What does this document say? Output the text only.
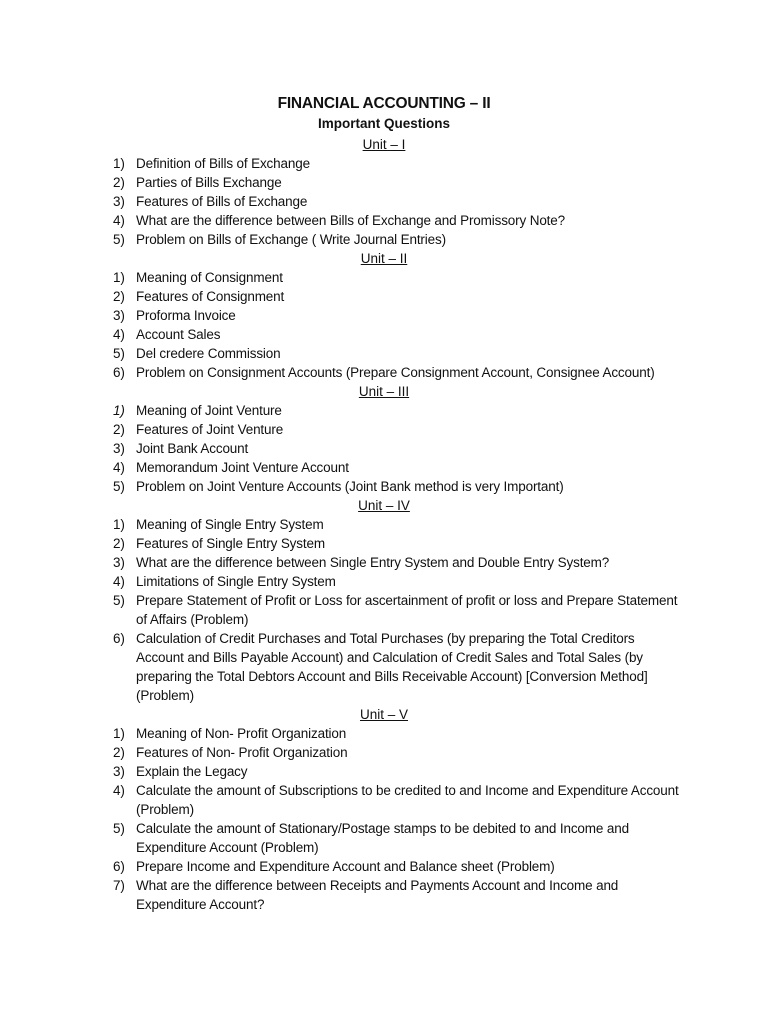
FINANCIAL ACCOUNTING – II
Important Questions
Unit – I
1) Definition of Bills of Exchange
2) Parties of Bills Exchange
3) Features of Bills of Exchange
4) What are the difference between Bills of Exchange and Promissory Note?
5) Problem on Bills of Exchange ( Write Journal Entries)
Unit – II
1) Meaning of Consignment
2) Features of Consignment
3) Proforma Invoice
4) Account Sales
5) Del credere Commission
6) Problem on Consignment Accounts (Prepare Consignment Account, Consignee Account)
Unit – III
1) Meaning of Joint Venture
2) Features of Joint Venture
3) Joint Bank Account
4) Memorandum Joint Venture Account
5) Problem on Joint Venture Accounts (Joint Bank method is very Important)
Unit – IV
1) Meaning of Single Entry System
2) Features of Single Entry System
3) What are the difference between Single Entry System and Double Entry System?
4) Limitations of Single Entry System
5) Prepare Statement of Profit or Loss for ascertainment of profit or loss and Prepare Statement of Affairs (Problem)
6) Calculation of Credit Purchases and Total Purchases (by preparing the Total Creditors Account and Bills Payable Account) and Calculation of Credit Sales and Total Sales (by preparing the Total Debtors Account and Bills Receivable Account) [Conversion Method] (Problem)
Unit – V
1) Meaning of Non- Profit Organization
2) Features of Non- Profit Organization
3) Explain the Legacy
4) Calculate the amount of Subscriptions to be credited to and Income and Expenditure Account (Problem)
5) Calculate the amount of Stationary/Postage stamps to be debited to and Income and Expenditure Account (Problem)
6) Prepare Income and Expenditure Account and Balance sheet (Problem)
7) What are the difference between Receipts and Payments Account and Income and Expenditure Account?
